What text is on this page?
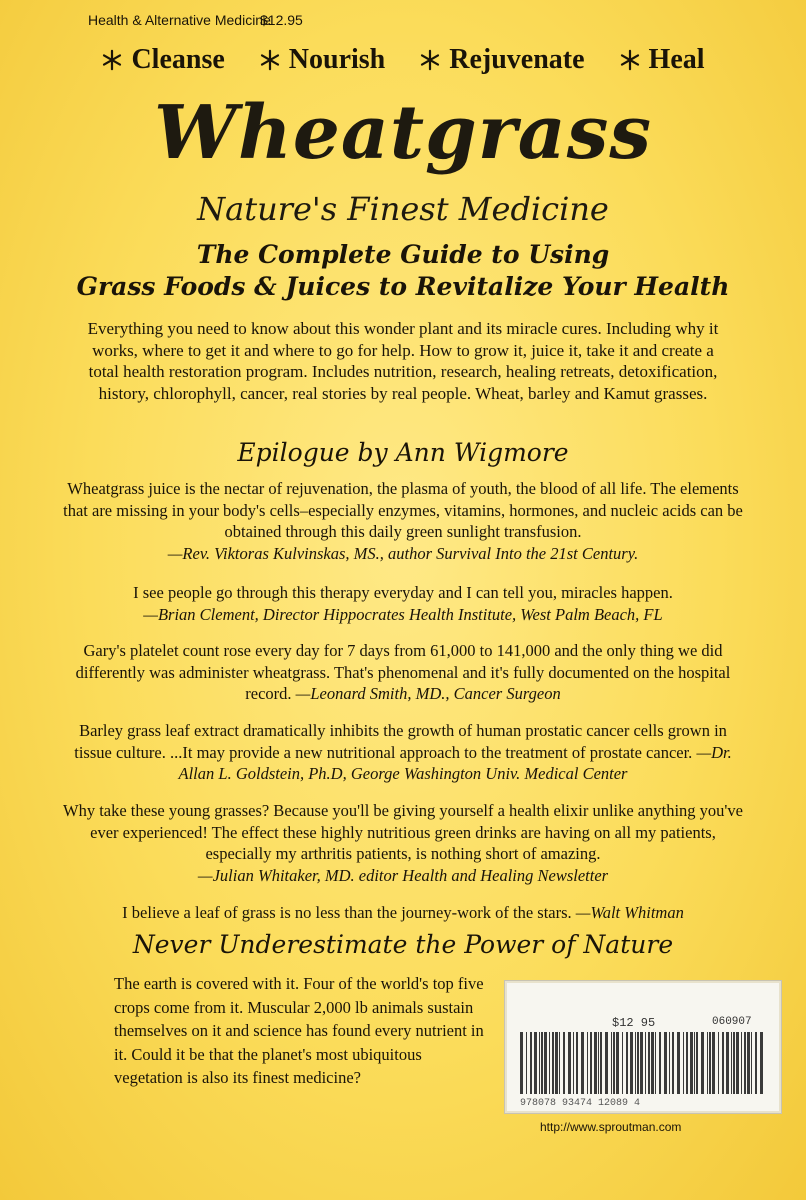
Health & Alternative Medicine
$12.95
Cleanse Nourish Rejuvenate Heal
Wheatgrass
Nature's Finest Medicine
The Complete Guide to Using
Grass Foods & Juices to Revitalize Your Health
Everything you need to know about this wonder plant and its miracle cures. Including why it works, where to get it and where to go for help. How to grow it, juice it, take it and create a total health restoration program. Includes nutrition, research, healing retreats, detoxification, history, chlorophyll, cancer, real stories by real people. Wheat, barley and Kamut grasses.
Epilogue by Ann Wigmore
Wheatgrass juice is the nectar of rejuvenation, the plasma of youth, the blood of all life. The elements that are missing in your body's cells–especially enzymes, vitamins, hormones, and nucleic acids can be obtained through this daily green sunlight transfusion.
—Rev. Viktoras Kulvinskas, MS., author Survival Into the 21st Century.
I see people go through this therapy everyday and I can tell you, miracles happen.
—Brian Clement, Director Hippocrates Health Institute, West Palm Beach, FL
Gary's platelet count rose every day for 7 days from 61,000 to 141,000 and the only thing we did differently was administer wheatgrass. That's phenomenal and it's fully documented on the hospital record. —Leonard Smith, MD., Cancer Surgeon
Barley grass leaf extract dramatically inhibits the growth of human prostatic cancer cells grown in tissue culture. ...It may provide a new nutritional approach to the treatment of prostate cancer. —Dr. Allan L. Goldstein, Ph.D, George Washington Univ. Medical Center
Why take these young grasses? Because you'll be giving yourself a health elixir unlike anything you've ever experienced! The effect these highly nutritious green drinks are having on all my patients, especially my arthritis patients, is nothing short of amazing.
—Julian Whitaker, MD. editor Health and Healing Newsletter
I believe a leaf of grass is no less than the journey-work of the stars. —Walt Whitman
Never Underestimate the Power of Nature
The earth is covered with it. Four of the world's top five crops come from it. Muscular 2,000 lb animals sustain themselves on it and science has found every nutrient in it. Could it be that the planet's most ubiquitous vegetation is also its finest medicine?
$12 95	060907
978078 93474 12089 4
http://www.sproutman.com
